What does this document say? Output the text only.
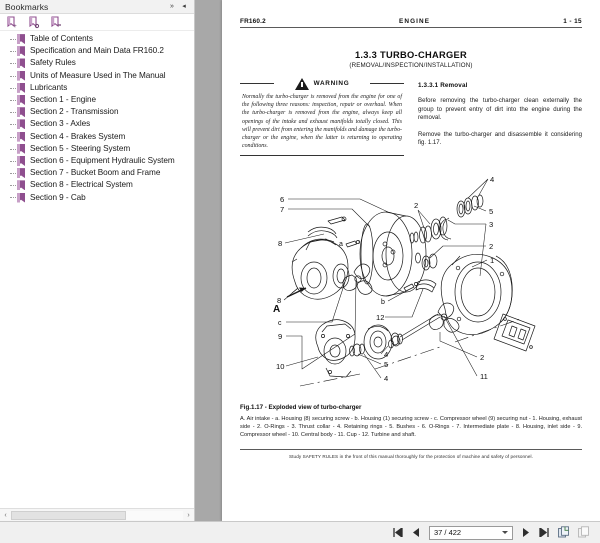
Bookmarks	»	◂
+
Table of Contents
Specification and Main Data FR160.2
Safety Rules
Units of Measure Used in The Manual
Lubricants
Section 1 - Engine
Section 2 - Transmission
Section 3 - Axles
Section 4 - Brakes System
Section 5 - Steering System
Section 6 - Equipment Hydraulic System
Section 7 - Bucket Boom and Frame
Section 8 - Electrical System
Section 9 - Cab
‹	›
FR160.2	ENGINE	1 - 15
1.3.3 TURBO-CHARGER
(REMOVAL/INSPECTION/INSTALLATION)
WARNING
Normally the turbo-charger is removed from the engine for one of the following three reasons: inspection, repair or overhaul. When the turbo-charger is removed from the engine, always keep all openings of the intake and exhaust manifolds totally closed. This will prevent dirt from entering the manifolds and damage the turbo-charger or the engine, when the latter is returning to operating conditions.
1.3.3.1 Removal
Before removing the turbo-charger clean externally the group to prevent entry of dirt into the engine during the removal.
Remove the turbo-charger and disassemble it considering fig. 1.17.
6
7
8
8
c
9
10
A
a
4
5
4
12
b
11
2
1
2
2
3
5
4
Fig.1.17 - Exploded view of turbo-charger
A. Air intake - a. Housing (8) securing screw - b. Housing (1) securing screw - c. Compressor wheel (9) securing nut - 1. Housing, exhaust side - 2. O-Rings - 3. Thrust collar - 4. Retaining rings - 5. Bushes - 6. O-Rings - 7. Intermediate plate - 8. Housing, inlet side - 9. Compressor wheel - 10. Central body - 11. Cup - 12. Turbine and shaft.
Study SAFETY RULES in the front of this manual thoroughly for the protection of machine and safety of personnel.
37 / 422
